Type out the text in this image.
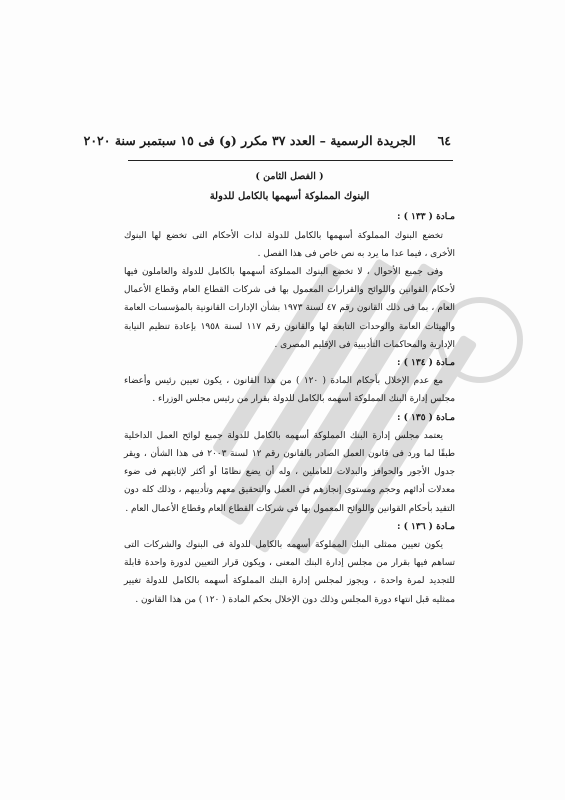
٦٤     الجريدة الرسمية – العدد ٣٧ مكرر (و) فى ١٥ سبتمبر سنة ٢٠٢٠

( الفصل الثامن )

البنوك المملوكة أسهمها بالكامل للدولة

مـادة ( ١٣٣ ) :

تخضع البنوك المملوكة أسهمها بالكامل للدولة لذات الأحكام التى تخضع لها البنوك الأخرى ، فيما عدا ما يرد به نص خاص فى هذا الفصل .

وفى جميع الأحوال ، لا تخضع البنوك المملوكة أسهمها بالكامل للدولة والعاملون فيها لأحكام القوانين واللوائح والقرارات المعمول بها فى شركات القطاع العام وقطاع الأعمال العام ، بما فى ذلك القانون رقم ٤٧ لسنة ١٩٧٣ بشأن الإدارات القانونية بالمؤسسات العامة والهيئات العامة والوحدات التابعة لها والقانون رقم ١١٧ لسنة ١٩٥٨ بإعادة تنظيم النيابة الإدارية والمحاكمات التأديبية فى الإقليم المصرى .

مـادة ( ١٣٤ ) :

مع عدم الإخلال بأحكام المادة ( ١٢٠ ) من هذا القانون ، يكون تعيين رئيس وأعضاء مجلس إدارة البنك المملوكة أسهمه بالكامل للدولة بقرار من رئيس مجلس الوزراء .

مـادة ( ١٣٥ ) :

يعتمد مجلس إدارة البنك المملوكة أسهمه بالكامل للدولة جميع لوائح العمل الداخلية طبقًا لما ورد فى قانون العمل الصادر بالقانون رقم ١٢ لسنة ٢٠٠٣ فى هذا الشأن ، ويقر جدول الأجور والحوافز والبدلات للعاملين ، وله أن يضع نظامًا أو أكثر لإثابتهم فى ضوء معدلات أدائهم وحجم ومستوى إنجازهم فى العمل والتحقيق معهم وتأديبهم ، وذلك كله دون التقيد بأحكام القوانين واللوائح المعمول بها فى شركات القطاع العام وقطاع الأعمال العام .

مـادة ( ١٣٦ ) :

يكون تعيين ممثلى البنك المملوكة أسهمه بالكامل للدولة فى البنوك والشركات التى تساهم فيها بقرار من مجلس إدارة البنك المعنى ، ويكون قرار التعيين لدورة واحدة قابلة للتجديد لمرة واحدة ، ويجوز لمجلس إدارة البنك المملوكة أسهمه بالكامل للدولة تغيير ممثليه قبل انتهاء دورة المجلس وذلك دون الإخلال بحكم المادة ( ١٢٠ ) من هذا القانون .
